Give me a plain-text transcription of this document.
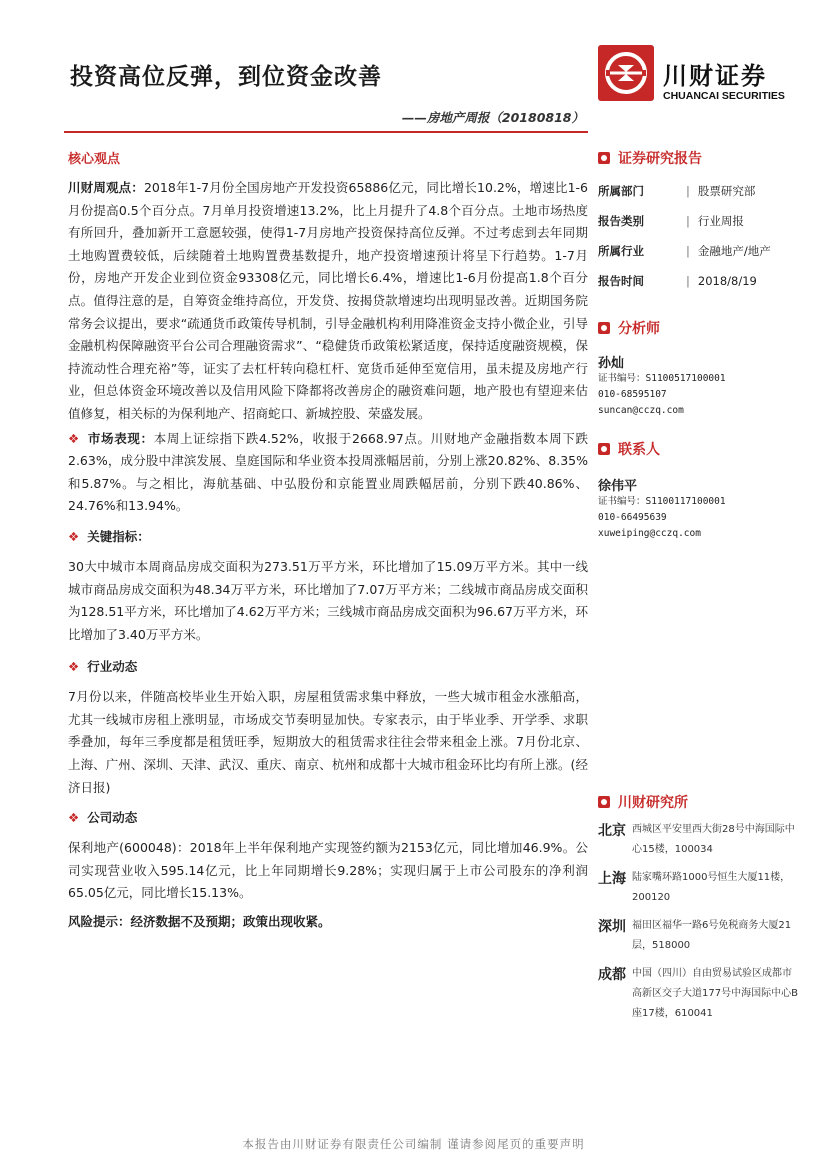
投资高位反弹，到位资金改善
——房地产周报（20180818）
川财证券
CHUANCAI SECURITIES
核心观点

川财周观点：2018年1-7月份全国房地产开发投资65886亿元，同比增长10.2%，增速比1-6月份提高0.5个百分点。7月单月投资增速13.2%，比上月提升了4.8个百分点。土地市场热度有所回升，叠加新开工意愿较强，使得1-7月房地产投资保持高位反弹。不过考虑到去年同期土地购置费较低，后续随着土地购置费基数提升，地产投资增速预计将呈下行趋势。1-7月份，房地产开发企业到位资金93308亿元，同比增长6.4%，增速比1-6月份提高1.8个百分点。值得注意的是，自筹资金维持高位，开发贷、按揭贷款增速均出现明显改善。近期国务院常务会议提出，要求“疏通货币政策传导机制，引导金融机构利用降准资金支持小微企业，引导金融机构保障融资平台公司合理融资需求”、“稳健货币政策松紧适度，保持适度融资规模，保持流动性合理充裕”等，证实了去杠杆转向稳杠杆、宽货币延伸至宽信用，虽未提及房地产行业，但总体资金环境改善以及信用风险下降都将改善房企的融资难问题，地产股也有望迎来估值修复，相关标的为保利地产、招商蛇口、新城控股、荣盛发展。

❖ 市场表现：本周上证综指下跌4.52%，收报于2668.97点。川财地产金融指数本周下跌2.63%，成分股中津滨发展、皇庭国际和华业资本投周涨幅居前，分别上涨20.82%、8.35%和5.87%。与之相比，海航基础、中弘股份和京能置业周跌幅居前，分别下跌40.86%、24.76%和13.94%。

❖ 关键指标：

30大中城市本周商品房成交面积为273.51万平方米，环比增加了15.09万平方米。其中一线城市商品房成交面积为48.34万平方米，环比增加了7.07万平方米；二线城市商品房成交面积为128.51平方米，环比增加了4.62万平方米；三线城市商品房成交面积为96.67万平方米，环比增加了3.40万平方米。

❖ 行业动态

7月份以来，伴随高校毕业生开始入职，房屋租赁需求集中释放，一些大城市租金水涨船高，尤其一线城市房租上涨明显，市场成交节奏明显加快。专家表示，由于毕业季、开学季、求职季叠加，每年三季度都是租赁旺季，短期放大的租赁需求往往会带来租金上涨。7月份北京、上海、广州、深圳、天津、武汉、重庆、南京、杭州和成都十大城市租金环比均有所上涨。(经济日报)

❖ 公司动态

保利地产(600048)：2018年上半年保利地产实现签约额为2153亿元，同比增加46.9%。公司实现营业收入595.14亿元，比上年同期增长9.28%；实现归属于上市公司股东的净利润65.05亿元，同比增长15.13%。

风险提示：经济数据不及预期；政策出现收紧。

证券研究报告
所属部门	| 股票研究部
报告类别	| 行业周报
所属行业	| 金融地产/地产
报告时间	| 2018/8/19
分析师
孙灿
证书编号：S1100517100001
010-68595107
suncan@cczq.com
联系人
徐伟平
证书编号：S1100117100001
010-66495639
xuweiping@cczq.com
川财研究所
北京 西城区平安里西大街28号中海国际中心15楼，100034
上海 陆家嘴环路1000号恒生大厦11楼，200120
深圳 福田区福华一路6号免税商务大厦21层，518000
成都 中国（四川）自由贸易试验区成都市高新区交子大道177号中海国际中心B座17楼，610041
本报告由川财证券有限责任公司编制 谨请参阅尾页的重要声明
